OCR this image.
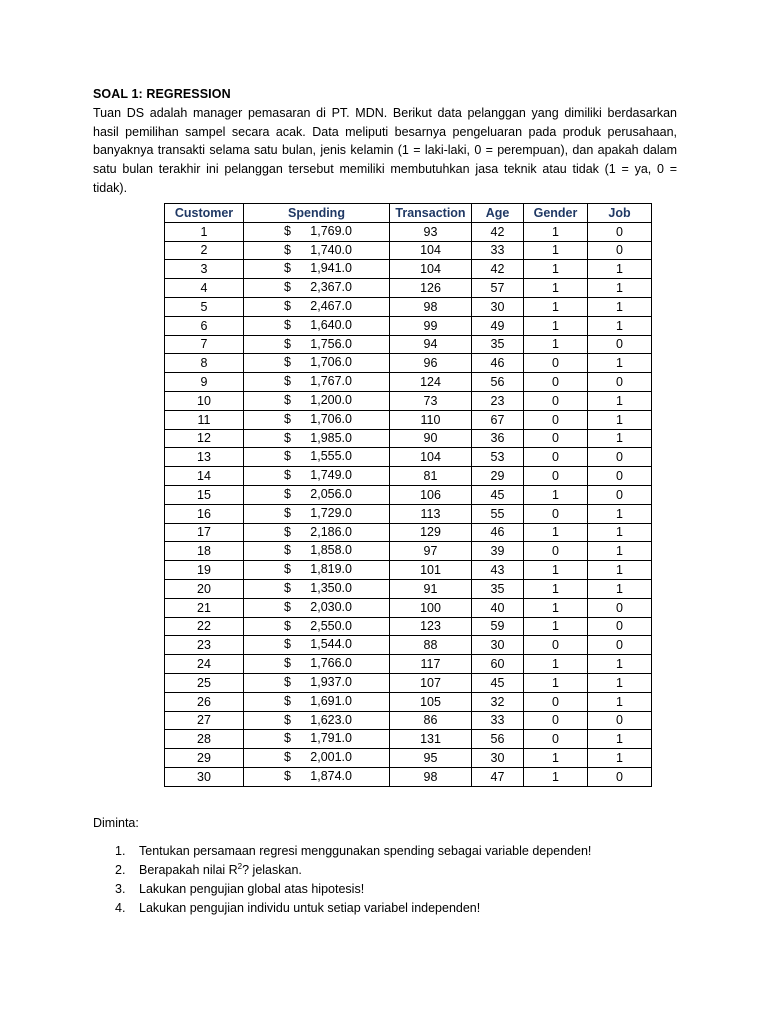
SOAL 1: REGRESSION

Tuan DS adalah manager pemasaran di PT. MDN. Berikut data pelanggan yang dimiliki berdasarkan hasil pemilihan sampel secara acak. Data meliputi besarnya pengeluaran pada produk perusahaan, banyaknya transakti selama satu bulan, jenis kelamin (1 = laki-laki, 0 = perempuan), dan apakah dalam satu bulan terakhir ini pelanggan tersebut memiliki membutuhkan jasa teknik atau tidak (1 = ya, 0 = tidak).

Customer	Spending	Transaction	Age	Gender	Job
1	$ 1,769.0	93	42	1	0
2	$ 1,740.0	104	33	1	0
3	$ 1,941.0	104	42	1	1
4	$ 2,367.0	126	57	1	1
5	$ 2,467.0	98	30	1	1
6	$ 1,640.0	99	49	1	1
7	$ 1,756.0	94	35	1	0
8	$ 1,706.0	96	46	0	1
9	$ 1,767.0	124	56	0	0
10	$ 1,200.0	73	23	0	1
11	$ 1,706.0	110	67	0	1
12	$ 1,985.0	90	36	0	1
13	$ 1,555.0	104	53	0	0
14	$ 1,749.0	81	29	0	0
15	$ 2,056.0	106	45	1	0
16	$ 1,729.0	113	55	0	1
17	$ 2,186.0	129	46	1	1
18	$ 1,858.0	97	39	0	1
19	$ 1,819.0	101	43	1	1
20	$ 1,350.0	91	35	1	1
21	$ 2,030.0	100	40	1	0
22	$ 2,550.0	123	59	1	0
23	$ 1,544.0	88	30	0	0
24	$ 1,766.0	117	60	1	1
25	$ 1,937.0	107	45	1	1
26	$ 1,691.0	105	32	0	1
27	$ 1,623.0	86	33	0	0
28	$ 1,791.0	131	56	0	1
29	$ 2,001.0	95	30	1	1
30	$ 1,874.0	98	47	1	0
Diminta:
1. Tentukan persamaan regresi menggunakan spending sebagai variable dependen!
2. Berapakah nilai $R^2$? jelaskan.
3. Lakukan pengujian global atas hipotesis!
4. Lakukan pengujian individu untuk setiap variabel independen!
